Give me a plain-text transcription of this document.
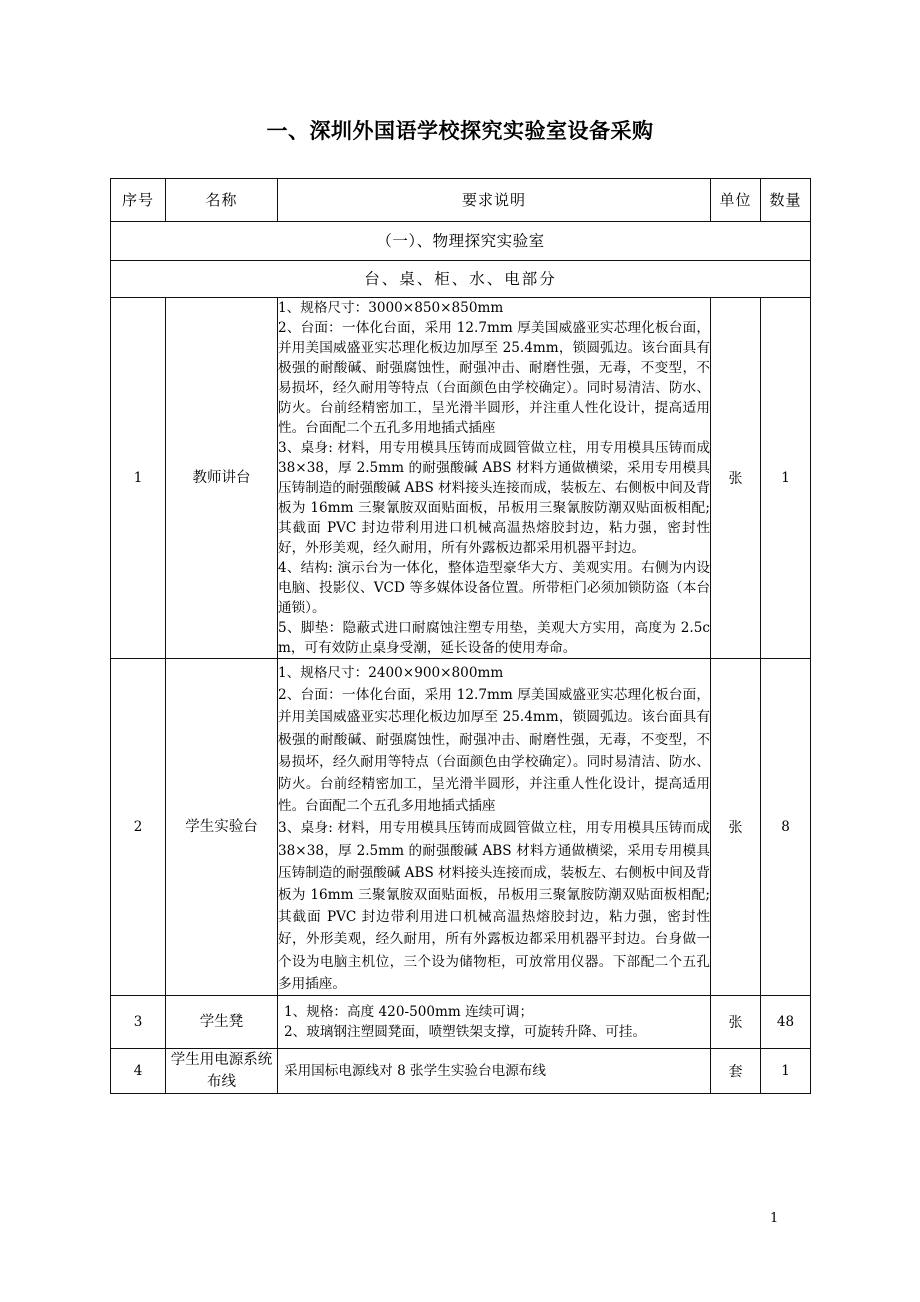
一、深圳外国语学校探究实验室设备采购
序号	名称	要求说明	单位	数量
（一）、物理探究实验室				
台、桌、柜、水、电部分				
1	教师讲台	1、规格尺寸：3000×850×850mm

2、台面：一体化台面，采用 12.7mm 厚美国威盛亚实芯理化板台面，并用美国威盛亚实芯理化板边加厚至 25.4mm，锁圆弧边。该台面具有极强的耐酸碱、耐强腐蚀性，耐强冲击、耐磨性强，无毒，不变型，不易损坏，经久耐用等特点（台面颜色由学校确定）。同时易清洁、防水、防火。台前经精密加工，呈光滑半圆形，并注重人性化设计，提高适用性。台面配二个五孔多用地插式插座

3、桌身: 材料，用专用模具压铸而成圆管做立柱，用专用模具压铸而成 38×38，厚 2.5mm 的耐强酸碱 ABS 材料方通做横梁，采用专用模具压铸制造的耐强酸碱 ABS 材料接头连接而成，装板左、右侧板中间及背板为 16mm 三聚氰胺双面贴面板，吊板用三聚氰胺防潮双贴面板相配; 其截面 PVC 封边带利用进口机械高温热熔胶封边，粘力强，密封性好，外形美观，经久耐用，所有外露板边都采用机器平封边。

4、结构: 演示台为一体化，整体造型豪华大方、美观实用。右侧为内设电脑、投影仪、VCD 等多媒体设备位置。所带柜门必须加锁防盗（本台通锁）。

5、脚垫：隐蔽式进口耐腐蚀注塑专用垫，美观大方实用，高度为 2.5cm，可有效防止桌身受潮，延长设备的使用寿命。	张	1
2	学生实验台	1、规格尺寸：2400×900×800mm

2、台面：一体化台面，采用 12.7mm 厚美国威盛亚实芯理化板台面，并用美国威盛亚实芯理化板边加厚至 25.4mm，锁圆弧边。该台面具有极强的耐酸碱、耐强腐蚀性，耐强冲击、耐磨性强，无毒，不变型，不易损坏，经久耐用等特点（台面颜色由学校确定）。同时易清洁、防水、防火。台前经精密加工，呈光滑半圆形，并注重人性化设计，提高适用性。台面配二个五孔多用地插式插座

3、桌身: 材料，用专用模具压铸而成圆管做立柱，用专用模具压铸而成 38×38，厚 2.5mm 的耐强酸碱 ABS 材料方通做横梁，采用专用模具压铸制造的耐强酸碱 ABS 材料接头连接而成，装板左、右侧板中间及背板为 16mm 三聚氰胺双面贴面板，吊板用三聚氰胺防潮双贴面板相配; 其截面 PVC 封边带利用进口机械高温热熔胶封边，粘力强，密封性好，外形美观，经久耐用，所有外露板边都采用机器平封边。台身做一个设为电脑主机位，三个设为储物柜，可放常用仪器。下部配二个五孔多用插座。	张	8
3	学生凳	1、规格：高度 420-500mm 连续可调；

2、玻璃钢注塑圆凳面，喷塑铁架支撑，可旋转升降、可挂。	张	48
4	学生用电源系统布线	采用国标电源线对 8 张学生实验台电源布线	套	1
1
